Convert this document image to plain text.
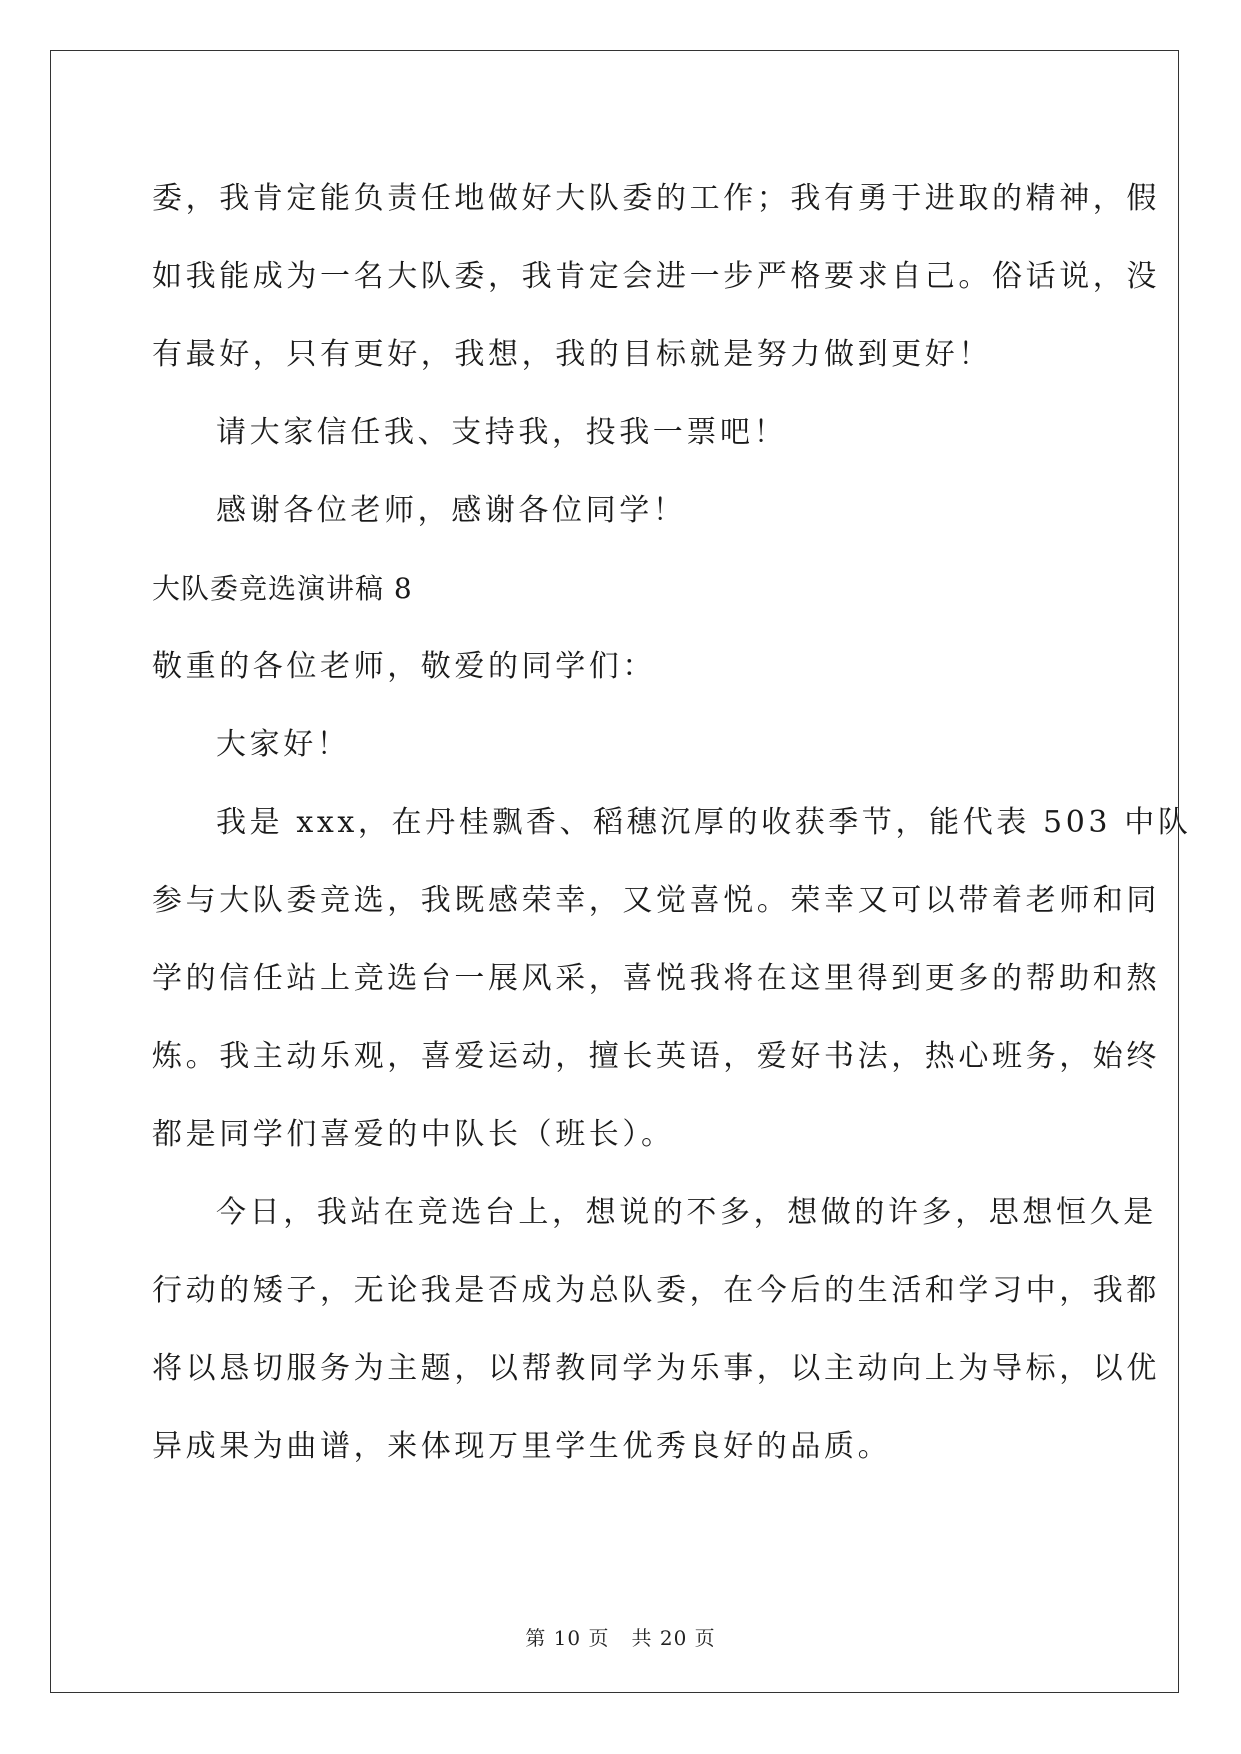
委，我肯定能负责任地做好大队委的工作；我有勇于进取的精神，假

如我能成为一名大队委，我肯定会进一步严格要求自己。俗话说，没

有最好，只有更好，我想，我的目标就是努力做到更好！

请大家信任我、支持我，投我一票吧！

感谢各位老师，感谢各位同学！

大队委竞选演讲稿 8

敬重的各位老师，敬爱的同学们：

大家好！

我是 xxx，在丹桂飘香、稻穗沉厚的收获季节，能代表 503 中队

参与大队委竞选，我既感荣幸，又觉喜悦。荣幸又可以带着老师和同

学的信任站上竞选台一展风采，喜悦我将在这里得到更多的帮助和熬

炼。我主动乐观，喜爱运动，擅长英语，爱好书法，热心班务，始终

都是同学们喜爱的中队长（班长）。

今日，我站在竞选台上，想说的不多，想做的许多，思想恒久是

行动的矮子，无论我是否成为总队委，在今后的生活和学习中，我都

将以恳切服务为主题，以帮教同学为乐事，以主动向上为导标，以优

异成果为曲谱，来体现万里学生优秀良好的品质。

第 10 页 共 20 页
